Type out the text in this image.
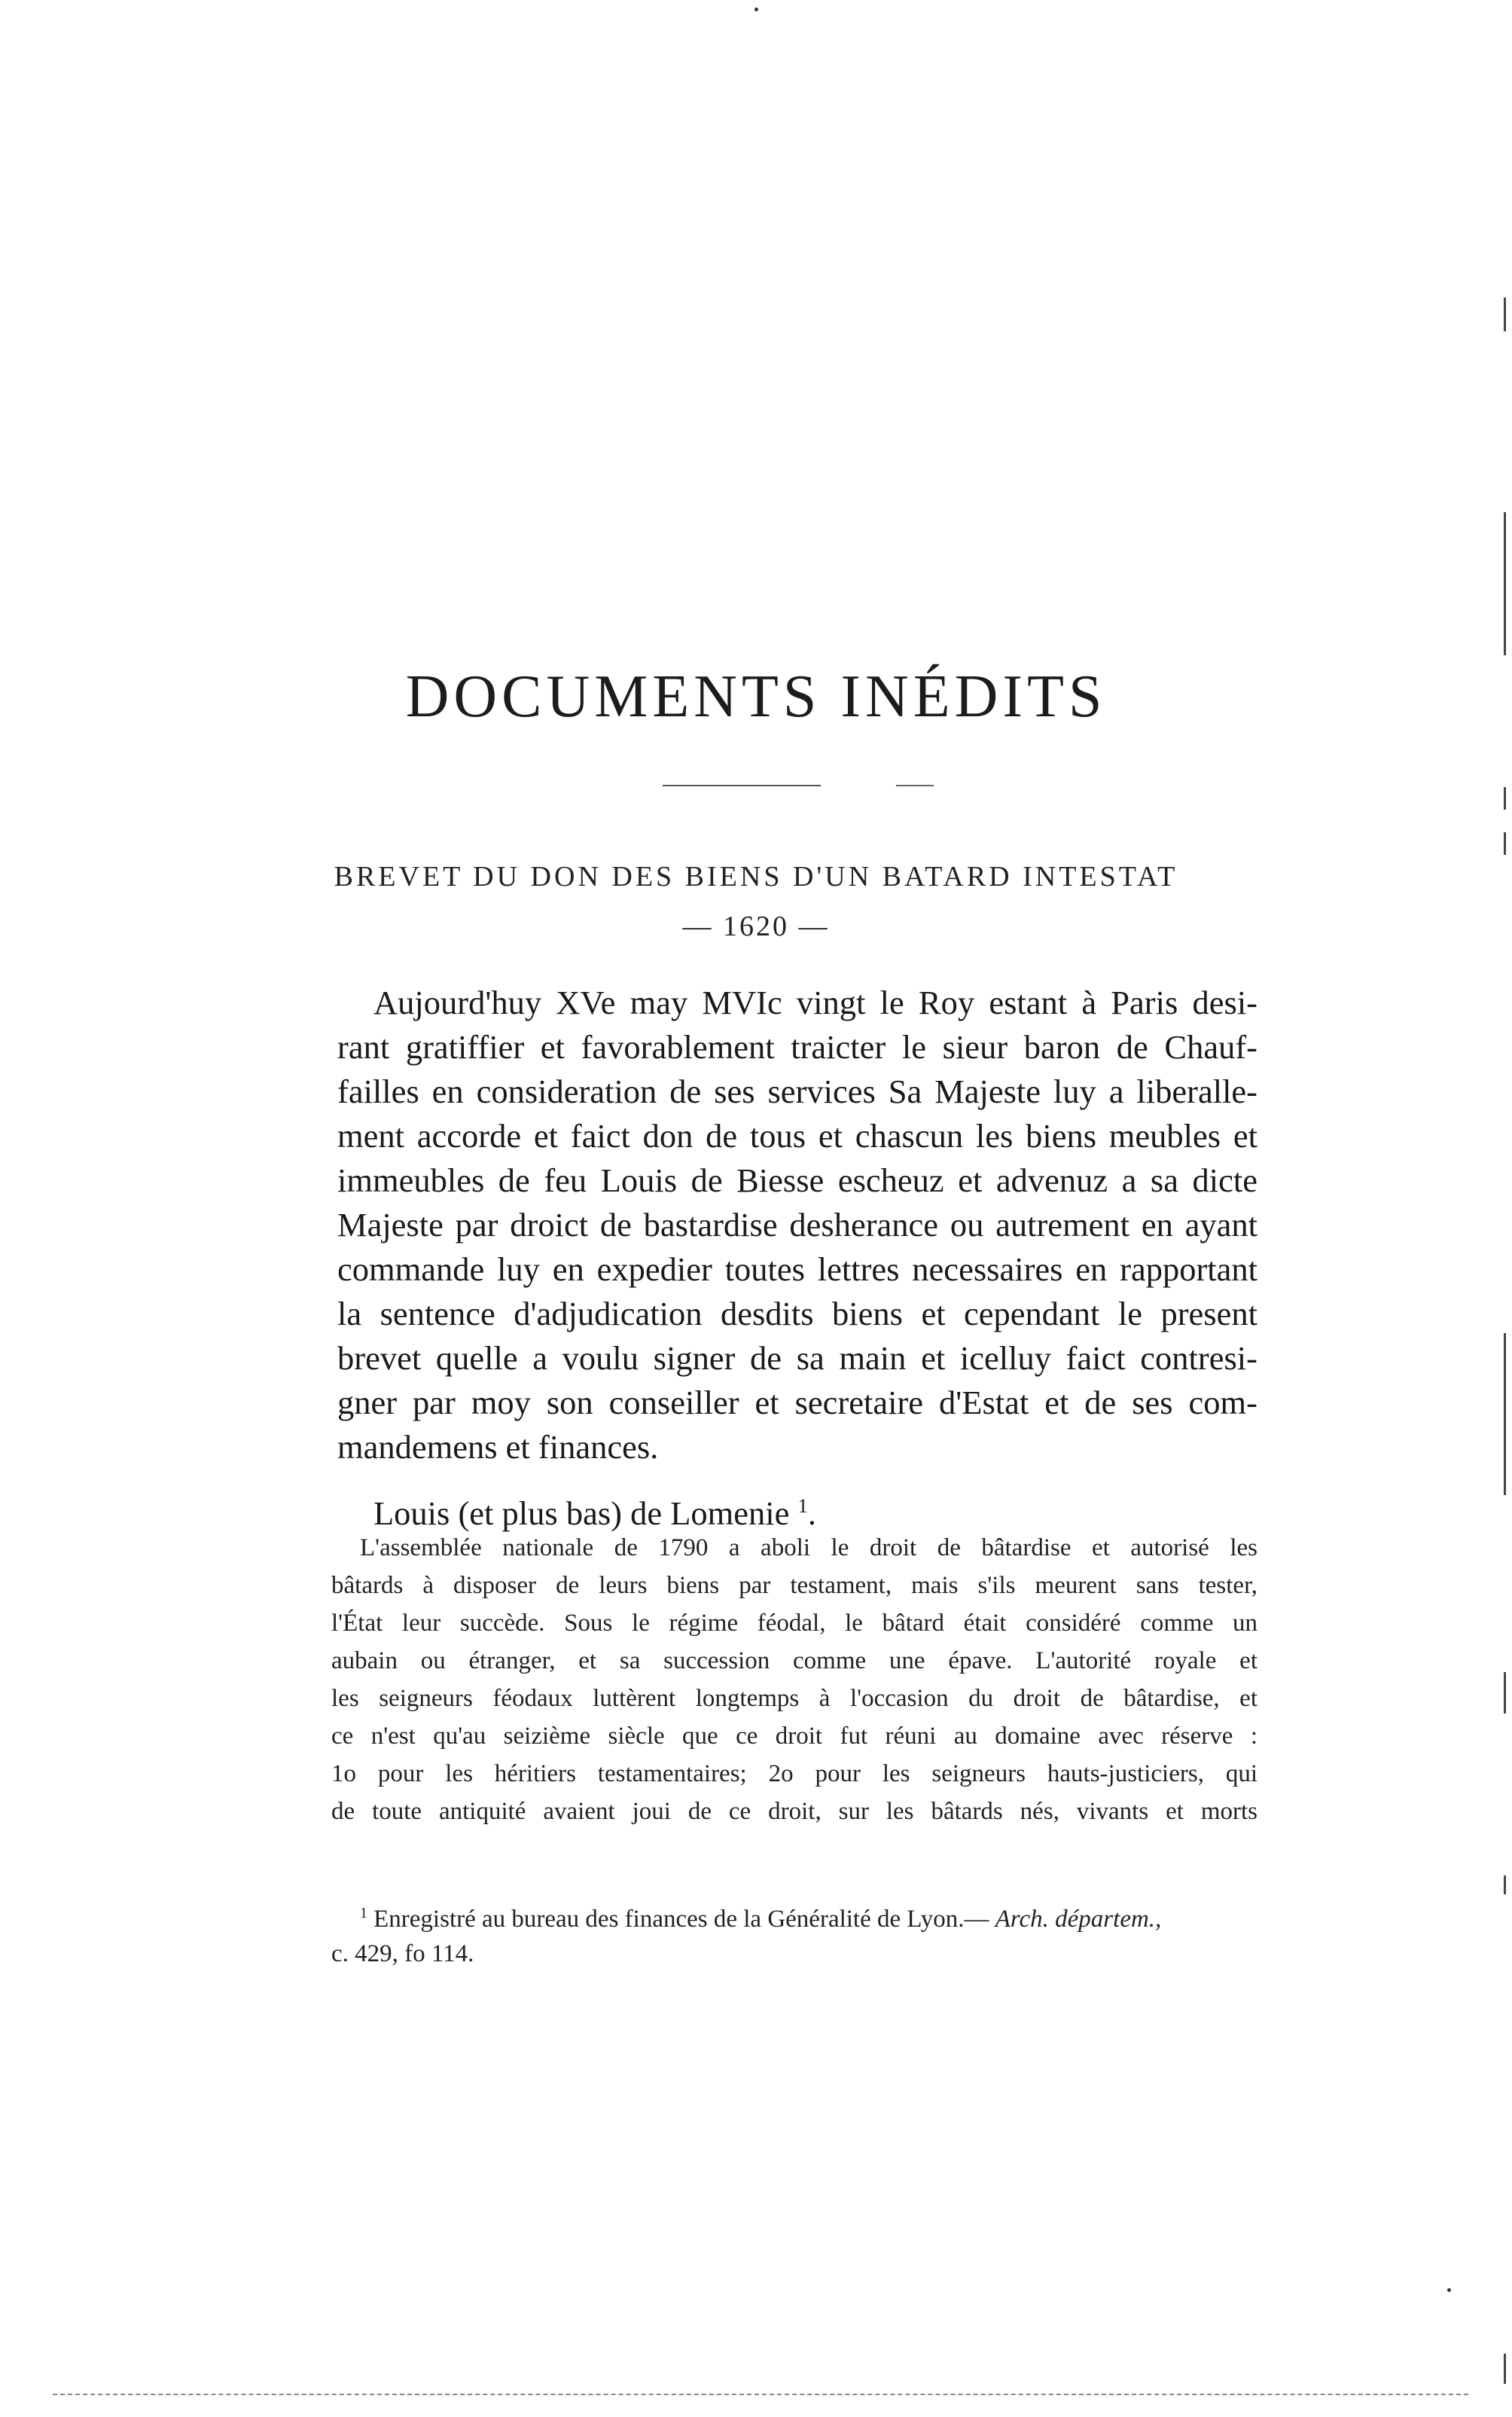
DOCUMENTS INÉDITS
BREVET DU DON DES BIENS D'UN BATARD INTESTAT
— 1620 —
Aujourd'huy XVe may MVIc vingt le Roy estant à Paris desi-
rant gratiffier et favorablement traicter le sieur baron de Chauf-
failles en consideration de ses services Sa Majeste luy a liberalle-
ment accorde et faict don de tous et chascun les biens meubles et
immeubles de feu Louis de Biesse escheuz et advenuz a sa dicte
Majeste par droict de bastardise desherance ou autrement en ayant
commande luy en expedier toutes lettres necessaires en rapportant
la sentence d'adjudication desdits biens et cependant le present
brevet quelle a voulu signer de sa main et icelluy faict contresi-
gner par moy son conseiller et secretaire d'Estat et de ses com-
mandemens et finances.
Louis (et plus bas) de Lomenie $^1$.
L'assemblée nationale de 1790 a aboli le droit de bâtardise et autorisé les
bâtards à disposer de leurs biens par testament, mais s'ils meurent sans tester,
l'État leur succède. Sous le régime féodal, le bâtard était considéré comme un
aubain ou étranger, et sa succession comme une épave. L'autorité royale et
les seigneurs féodaux luttèrent longtemps à l'occasion du droit de bâtardise, et
ce n'est qu'au seizième siècle que ce droit fut réuni au domaine avec réserve :
1o pour les héritiers testamentaires; 2o pour les seigneurs hauts-justiciers, qui
de toute antiquité avaient joui de ce droit, sur les bâtards nés, vivants et morts
$^1$ Enregistré au bureau des finances de la Généralité de Lyon.— Arch. départem.,
c. 429, fo 114.
